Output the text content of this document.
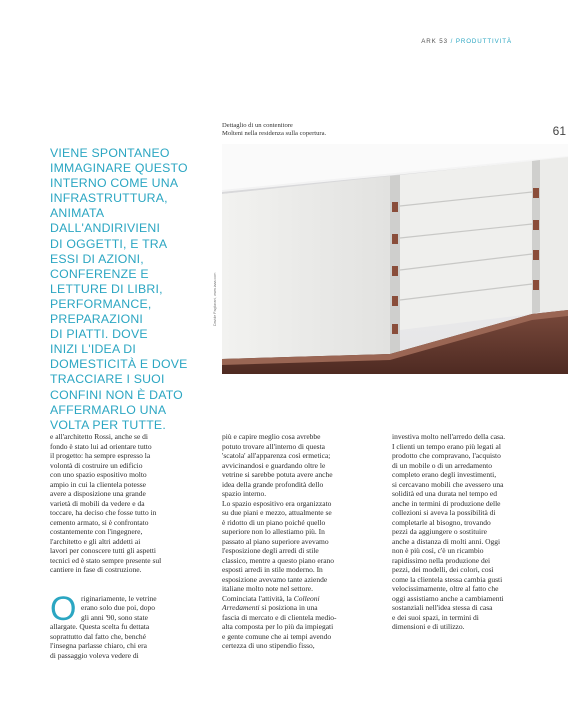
ARK 53 / PRODUTTIVITÀ
61
Dettaglio di un contenitore
Molteni nella residenza sulla copertura.
Davide Pagliarani, www.iaaa.com
VIENE SPONTANEO
IMMAGINARE QUESTO
INTERNO COME UNA
INFRASTRUTTURA,
ANIMATA
DALL'ANDIRIVIENI
DI OGGETTI, E TRA
ESSI DI AZIONI,
CONFERENZE E
LETTURE DI LIBRI,
PERFORMANCE,
PREPARAZIONI
DI PIATTI. DOVE
INIZI L'IDEA DI
DOMESTICITÀ E DOVE
TRACCIARE I SUOI
CONFINI NON È DATO
AFFERMARLO UNA
VOLTA PER TUTTE.
e all'architetto Rossi, anche se di
fondo è stato lui ad orientare tutto
il progetto: ha sempre espresso la
volontà di costruire un edificio
con uno spazio espositivo molto
ampio in cui la clientela potesse
avere a disposizione una grande
varietà di mobili da vedere e da
toccare, ha deciso che fosse tutto in
cemento armato, si è confrontato
costantemente con l'ingegnere,
l'architetto e gli altri addetti ai
lavori per conoscere tutti gli aspetti
tecnici ed è stato sempre presente sul
cantiere in fase di costruzione.
O riginariamente, le vetrine
erano solo due poi, dopo
gli anni '90, sono state
allargate. Questa scelta fu dettata
soprattutto dal fatto che, benché
l'insegna parlasse chiaro, chi era
di passaggio voleva vedere di
più e capire meglio cosa avrebbe
potuto trovare all'interno di questa
'scatola' all'apparenza così ermetica;
avvicinandosi e guardando oltre le
vetrine si sarebbe potuta avere anche
idea della grande profondità dello
spazio interno.
Lo spazio espositivo era organizzato
su due piani e mezzo, attualmente se
è ridotto di un piano poiché quello
superiore non lo allestiamo più. In
passato al piano superiore avevamo
l'esposizione degli arredi di stile
classico, mentre a questo piano erano
esposti arredi in stile moderno. In
esposizione avevamo tante aziende
italiane molto note nel settore.
Cominciata l'attività, la Colleoni
Arredamenti si posiziona in una
fascia di mercato e di clientela medio-
alta composta per lo più da impiegati
e gente comune che ai tempi avendo
certezza di uno stipendio fisso,
investiva molto nell'arredo della casa.
I clienti un tempo erano più legati al
prodotto che compravano, l'acquisto
di un mobile o di un arredamento
completo erano degli investimenti,
si cercavano mobili che avessero una
solidità ed una durata nel tempo ed
anche in termini di produzione delle
collezioni si aveva la possibilità di
completarle al bisogno, trovando
pezzi da aggiungere o sostituire
anche a distanza di molti anni. Oggi
non è più così, c'è un ricambio
rapidissimo nella produzione dei
pezzi, dei modelli, dei colori, così
come la clientela stessa cambia gusti
velocissimamente, oltre al fatto che
oggi assistiamo anche a cambiamenti
sostanziali nell'idea stessa di casa
e dei suoi spazi, in termini di
dimensioni e di utilizzo.
